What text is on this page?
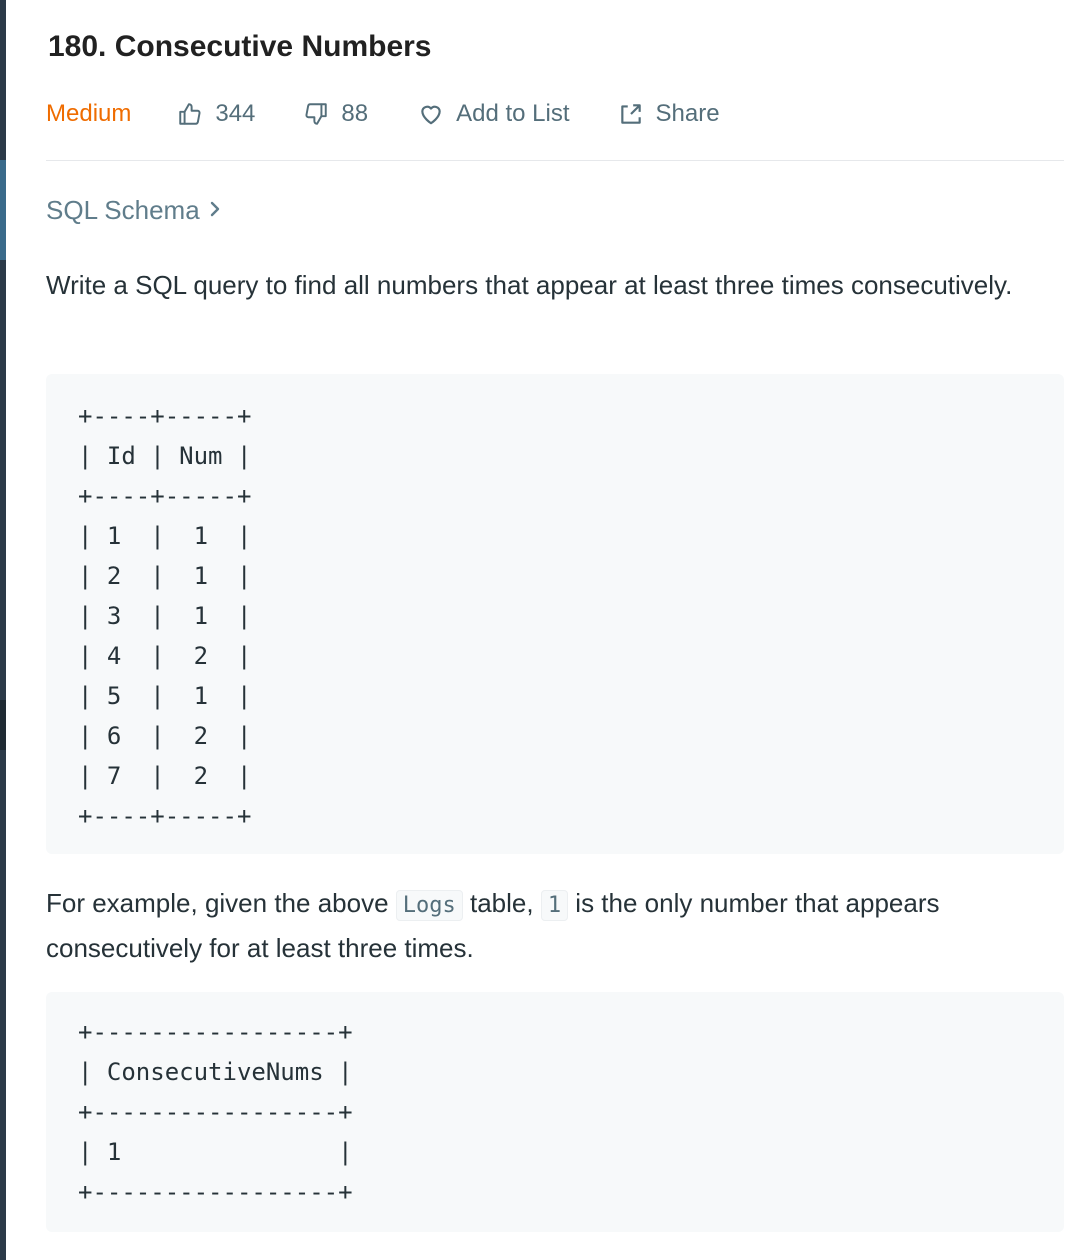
180. Consecutive Numbers
Medium	344	88	Add to List	Share
SQL Schema

Write a SQL query to find all numbers that appear at least three times consecutively.

+----+-----+
| Id | Num |
+----+-----+
| 1  |  1  |
| 2  |  1  |
| 3  |  1  |
| 4  |  2  |
| 5  |  1  |
| 6  |  2  |
| 7  |  2  |
+----+-----+

For example, given the above Logs table, 1 is the only number that appears consecutively for at least three times.

+-----------------+
| ConsecutiveNums |
+-----------------+
| 1               |
+-----------------+
